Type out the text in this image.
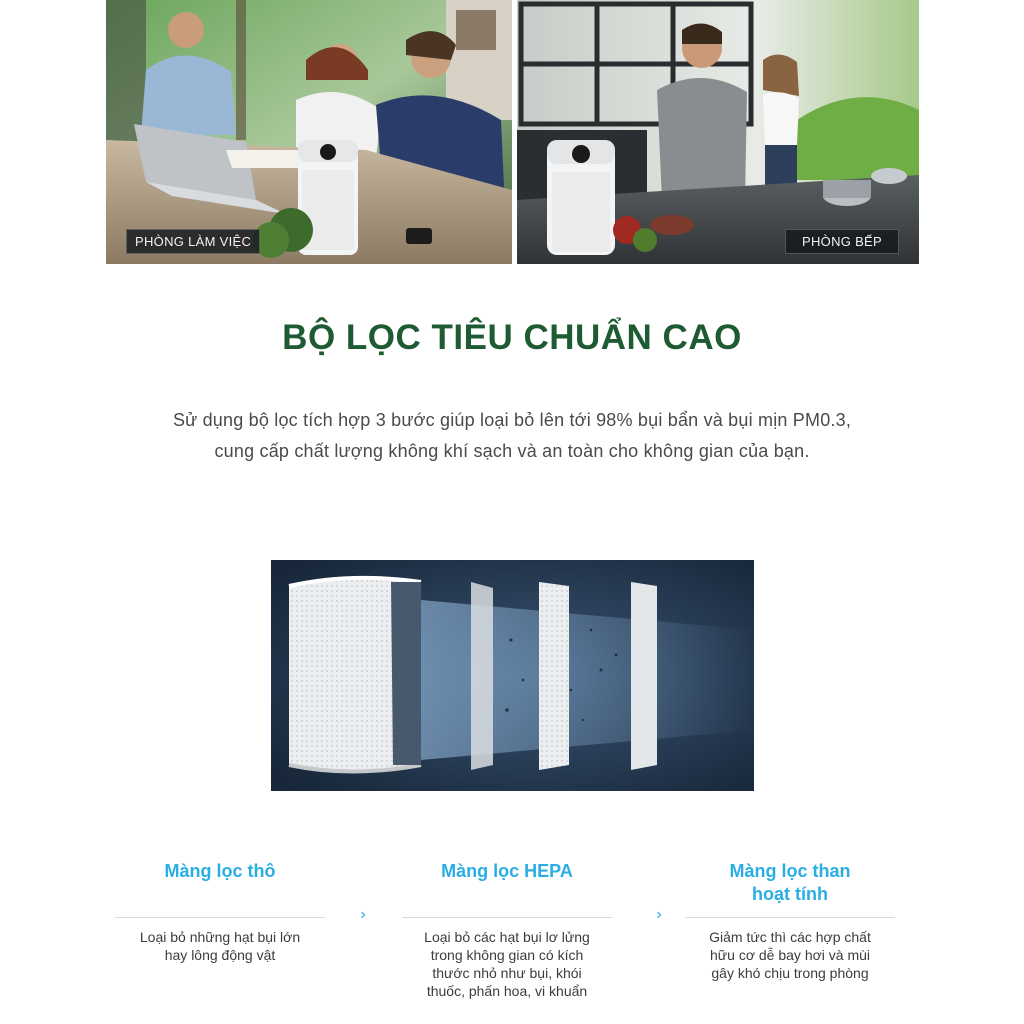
PHÒNG LÀM VIỆC	PHÒNG BẾP
BỘ LỌC TIÊU CHUẨN CAO

Sử dụng bộ lọc tích hợp 3 bước giúp loại bỏ lên tới 98% bụi bẩn và bụi mịn PM0.3,
cung cấp chất lượng không khí sạch và an toàn cho không gian của bạn.

Màng lọc thô

Loại bỏ những hạt bụi lớn
hay lông động vật

›
Màng lọc HEPA

Loại bỏ các hạt bụi lơ lửng
trong không gian có kích
thước nhỏ như bụi, khói
thuốc, phấn hoa, vi khuẩn

›
Màng lọc than
hoạt tính

Giảm tức thì các hợp chất
hữu cơ dễ bay hơi và mùi
gây khó chịu trong phòng
